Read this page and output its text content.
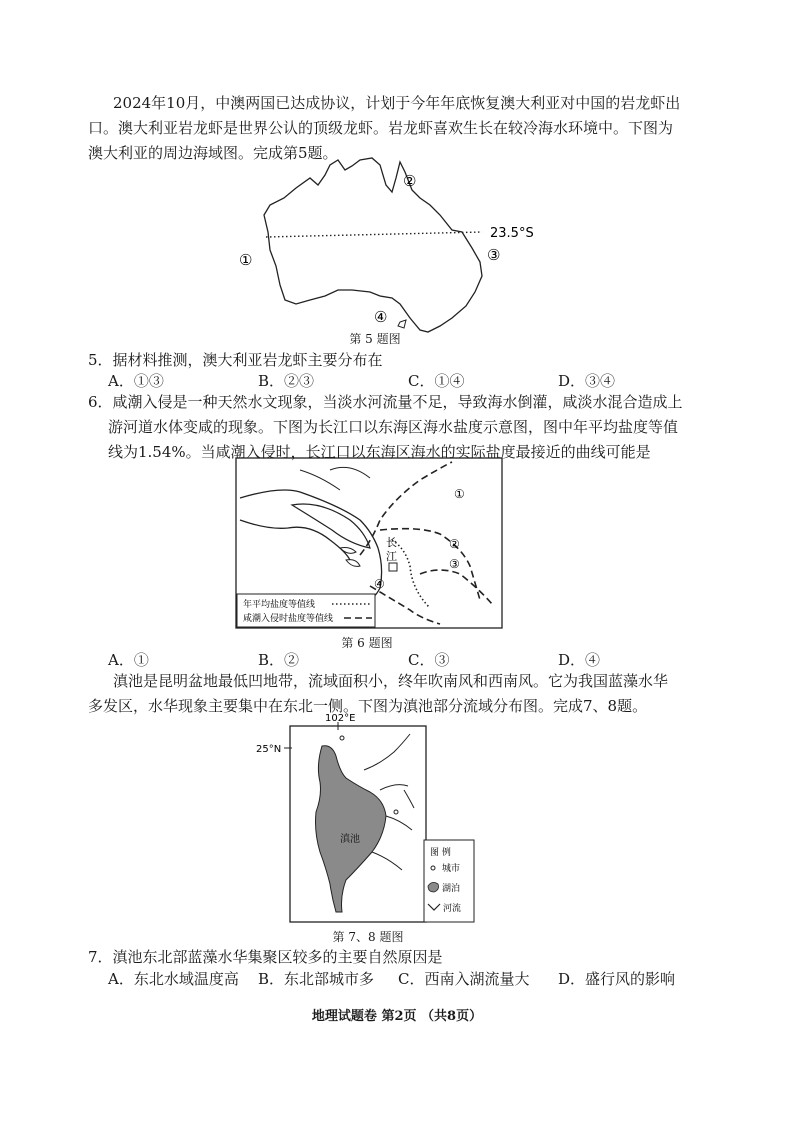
2024年10月，中澳两国已达成协议，计划于今年年底恢复澳大利亚对中国的岩龙虾出
口。澳大利亚岩龙虾是世界公认的顶级龙虾。岩龙虾喜欢生长在较冷海水环境中。下图为
澳大利亚的周边海域图。完成第5题。
23.5°S
①
②
③
④
第 5 题图
5．据材料推测，澳大利亚岩龙虾主要分布在
A．①③	B．②③	C．①④	D．③④
6．咸潮入侵是一种天然水文现象，当淡水河流量不足，导致海水倒灌，咸淡水混合造成上
游河道水体变咸的现象。下图为长江口以东海区海水盐度示意图，图中年平均盐度等值
线为1.54%。当咸潮入侵时，长江口以东海区海水的实际盐度最接近的曲线可能是
①
②
③
④
长
江
年平均盐度等值线
咸潮入侵时盐度等值线
第 6 题图
A．①	B．②	C．③	D．④
滇池是昆明盆地最低凹地带，流域面积小，终年吹南风和西南风。它为我国蓝藻水华
多发区，水华现象主要集中在东北一侧。下图为滇池部分流域分布图。完成7、8题。
102°E
25°N
滇池
图 例
城市
湖泊
河流
第 7、8 题图
7．滇池东北部蓝藻水华集聚区较多的主要自然原因是
A．东北水域温度高 B．东北部城市多 C．西南入湖流量大 D．盛行风的影响
地理试题卷 第2页 （共8页）
